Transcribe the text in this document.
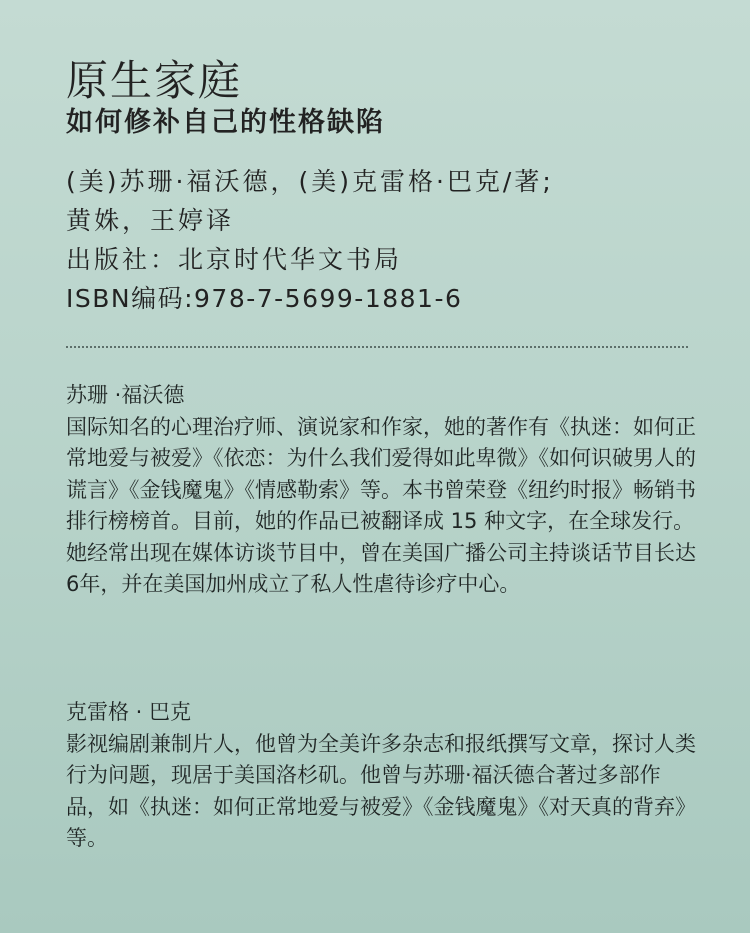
原生家庭
如何修补自己的性格缺陷
(美)苏珊·福沃德，(美)克雷格·巴克/著;
黄姝，王婷译
出版社：北京时代华文书局
ISBN编码:978-7-5699-1881-6
苏珊 ·福沃德
国际知名的心理治疗师、演说家和作家，她的著作有《执迷：如何正常地爱与被爱》《依恋：为什么我们爱得如此卑微》《如何识破男人的谎言》《金钱魔鬼》《情感勒索》等。本书曾荣登《纽约时报》畅销书排行榜榜首。目前，她的作品已被翻译成 15 种文字，在全球发行。她经常出现在媒体访谈节目中，曾在美国广播公司主持谈话节目长达6年，并在美国加州成立了私人性虐待诊疗中心。
克雷格 · 巴克
影视编剧兼制片人，他曾为全美许多杂志和报纸撰写文章，探讨人类行为问题，现居于美国洛杉矶。他曾与苏珊·福沃德合著过多部作品，如《执迷：如何正常地爱与被爱》《金钱魔鬼》《对天真的背弃》等。
